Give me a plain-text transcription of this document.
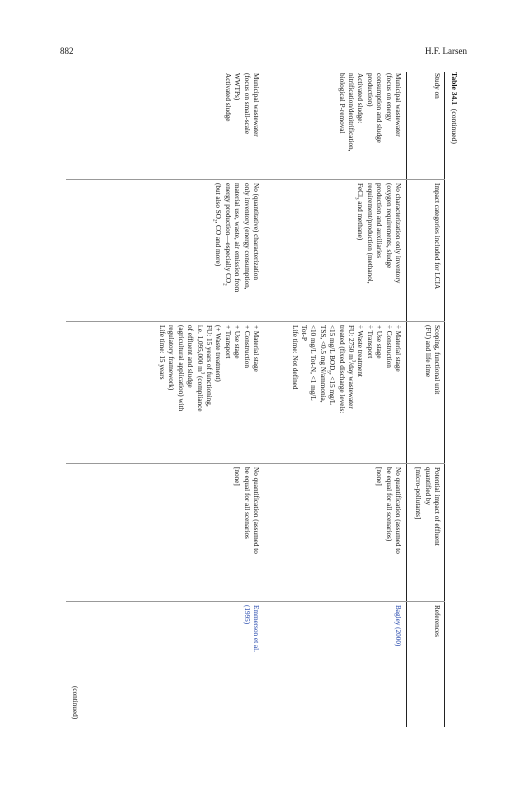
882	H.F. Larsen
Table 34.1  (continued)
Study on
Impact categories included for LCIA
Scoping, functional unit
(FU) and life time
Potential impact of effluent
quantified by
[micro-pollutants]
References
Municipal wastewater
(focus on energy
consumption and sludge
production)
Activated sludge:
nitrification/denitrification,
biological P-removal
No characterization only inventory
(oxygen requirements, sludge
production and auxiliaries
requirement/production (methanol,
FeCl$_3$ and methane)
÷ Material stage
÷ Construction
+ Use stage
÷ Transport
÷ Waste treatment
FU: 2750 $m^3$/day wastewater
treated (fixed discharge levels:
<15 mg/L $BOD_5$, <15 mg/L
TSS, <0.5 mg N/ammonia,
<10 mg/L Tot-N, <1 mg/L
Tot-P
Life time: Not defined
No quantification (assumed to
be equal for all scenarios)
[none]
Bagley (2000)
Municipal wastewater
(focus on small-scale
WWTPs)
Activated sludge
No (quantitative) characterization
only inventory (energy consumption,
material use, waste, air emission from
energy production—especially $CO_2$
(but also $SO_2$, CO and more)
+ Material stage
+ Construction
+ Use stage
+ Transport
(+ Waste treatment)
FU: 15 years of functioning,
i.e. 1,095,000 $m^3$ (compliance
of effluent and sludge
(agricultural application) with
regulatory framework)
Life time: 15 years
No quantification (assumed to
be equal for all scenarios
[none]
Emmerson et al.
(1995)
(continued)
